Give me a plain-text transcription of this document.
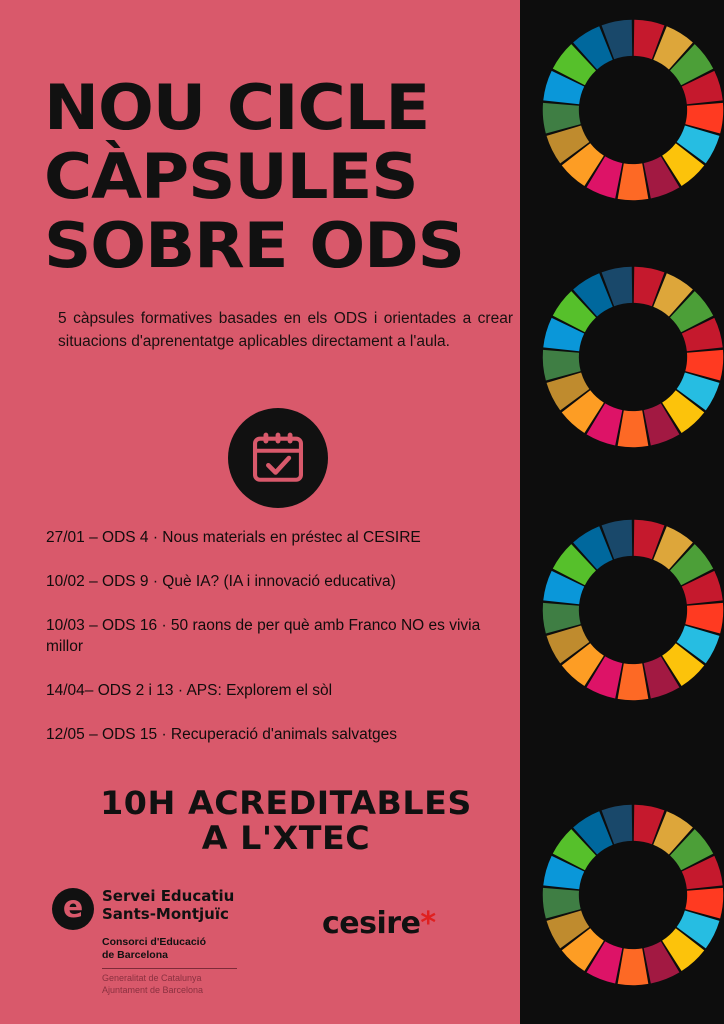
NOU CICLE
CÀPSULES
SOBRE ODS
5 càpsules formatives basades en els ODS i orientades a crear situacions d'aprenentatge aplicables directament a l'aula.
27/01 – ODS 4 · Nous materials en préstec al CESIRE
10/02 – ODS 9 · Què IA? (IA i innovació educativa)
10/03 – ODS 16 · 50 raons de per què amb Franco NO es vivia millor
14/04– ODS 2 i 13 · APS: Explorem el sòl
12/05 – ODS 15 · Recuperació d'animals salvatges
10H ACREDITABLES
A L'XTEC
e	Servei Educatiu
Sants-Montjuïc
Consorci d'Educació
de Barcelona
Generalitat de Catalunya
Ajuntament de Barcelona
cesire*
